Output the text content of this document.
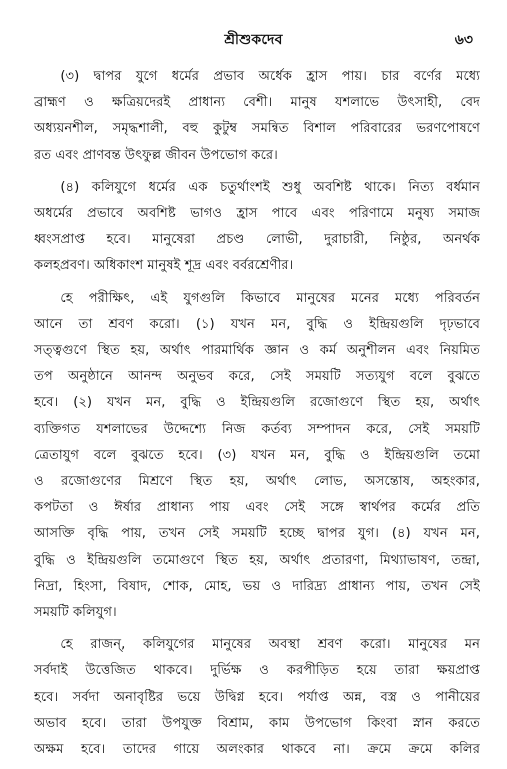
শ্রীশুকদেব	৬৩
(৩) দ্বাপর যুগে ধর্মের প্রভাব অর্ধেক হ্রাস পায়। চার বর্ণের মধ্যে
ব্রাহ্মণ ও ক্ষত্রিয়দেরই প্রাধান্য বেশী। মানুষ যশলাভে উৎসাহী, বেদ
অধ্যয়নশীল, সমৃদ্ধশালী, বহু কুটুম্ব সমন্বিত বিশাল পরিবারের ভরণপোষণে
রত এবং প্রাণবন্ত উৎফুল্ল জীবন উপভোগ করে।
(৪) কলিযুগে ধর্মের এক চতুর্থাংশই শুধু অবশিষ্ট থাকে। নিত্য বর্ধমান
অধর্মের প্রভাবে অবশিষ্ট ভাগও হ্রাস পাবে এবং পরিণামে মনুষ্য সমাজ
ধ্বংসপ্রাপ্ত হবে। মানুষেরা প্রচণ্ড লোভী, দুরাচারী, নিষ্ঠুর, অনর্থক
কলহপ্রবণ। অধিকাংশ মানুষই শূদ্র এবং বর্বরশ্রেণীর।
হে পরীক্ষিৎ, এই যুগগুলি কিভাবে মানুষের মনের মধ্যে পরিবর্তন
আনে তা শ্রবণ করো। (১) যখন মন, বুদ্ধি ও ইন্দ্রিয়গুলি দৃঢ়ভাবে
সত্ত্বগুণে স্থিত হয়, অর্থাৎ পারমার্থিক জ্ঞান ও কর্ম অনুশীলন এবং নিয়মিত
তপ অনুষ্ঠানে আনন্দ অনুভব করে, সেই সময়টি সত্যযুগ বলে বুঝতে
হবে। (২) যখন মন, বুদ্ধি ও ইন্দ্রিয়গুলি রজোগুণে স্থিত হয়, অর্থাৎ
ব্যক্তিগত যশলাভের উদ্দেশ্যে নিজ কর্তব্য সম্পাদন করে, সেই সময়টি
ত্রেতাযুগ বলে বুঝতে হবে। (৩) যখন মন, বুদ্ধি ও ইন্দ্রিয়গুলি তমো
ও রজোগুণের মিশ্রণে স্থিত হয়, অর্থাৎ লোভ, অসন্তোষ, অহংকার,
কপটতা ও ঈর্ষার প্রাধান্য পায় এবং সেই সঙ্গে স্বার্থপর কর্মের প্রতি
আসক্তি বৃদ্ধি পায়, তখন সেই সময়টি হচ্ছে দ্বাপর যুগ। (৪) যখন মন,
বুদ্ধি ও ইন্দ্রিয়গুলি তমোগুণে স্থিত হয়, অর্থাৎ প্রতারণা, মিথ্যাভাষণ, তন্দ্রা,
নিদ্রা, হিংসা, বিষাদ, শোক, মোহ, ভয় ও দারিদ্র্য প্রাধান্য পায়, তখন সেই
সময়টি কলিযুগ।
হে রাজন্, কলিযুগের মানুষের অবস্থা শ্রবণ করো। মানুষের মন
সর্বদাই উত্তেজিত থাকবে। দুর্ভিক্ষ ও করপীড়িত হয়ে তারা ক্ষয়প্রাপ্ত
হবে। সর্বদা অনাবৃষ্টির ভয়ে উদ্বিগ্ন হবে। পর্যাপ্ত অন্ন, বস্ত্র ও পানীয়ের
অভাব হবে। তারা উপযুক্ত বিশ্রাম, কাম উপভোগ কিংবা স্নান করতে
অক্ষম হবে। তাদের গায়ে অলংকার থাকবে না। ক্রমে ক্রমে কলির
